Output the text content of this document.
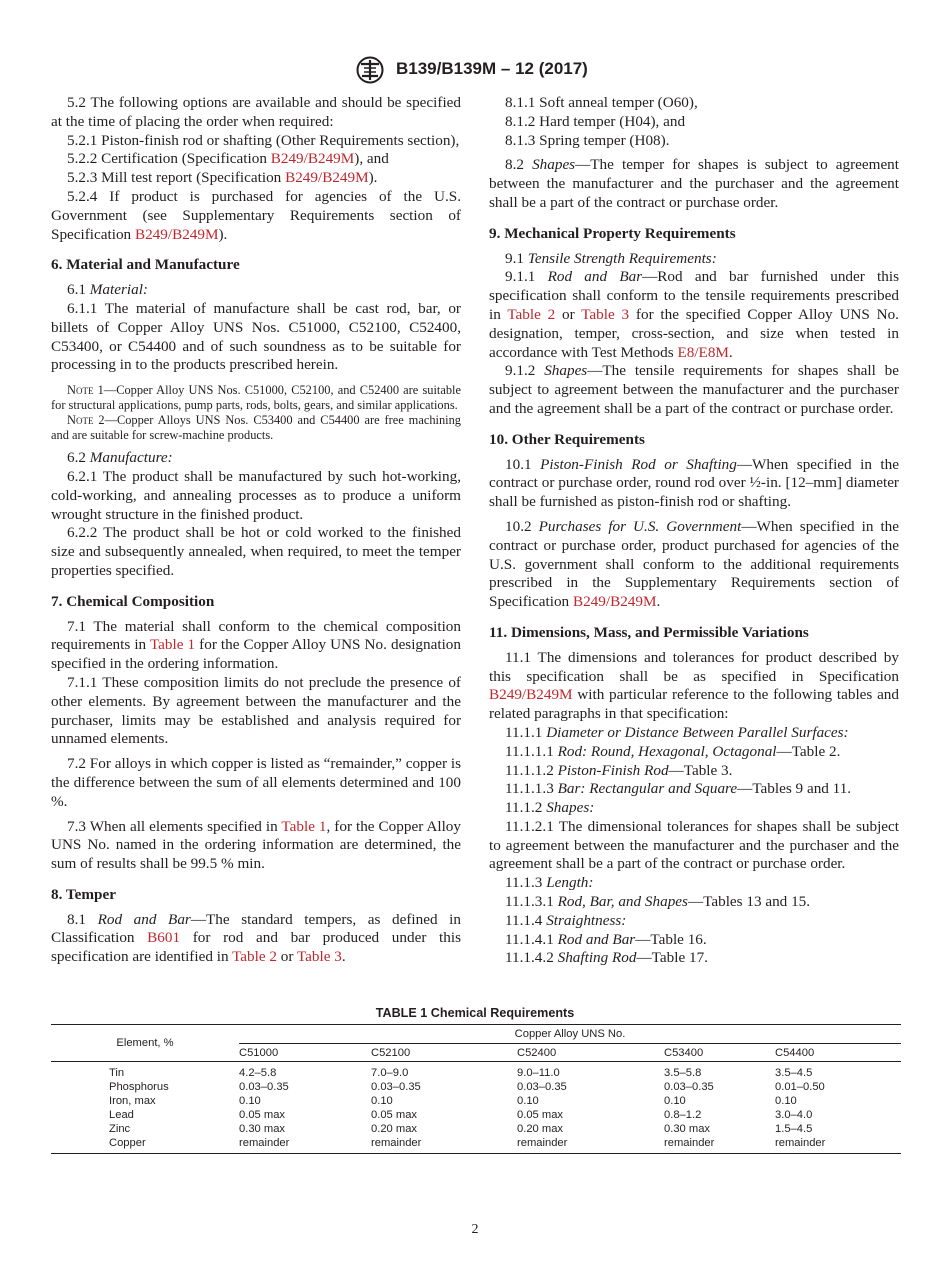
B139/B139M – 12 (2017)

5.2 The following options are available and should be specified at the time of placing the order when required:

5.2.1 Piston-finish rod or shafting (Other Requirements section),

5.2.2 Certification (Specification B249/B249M), and

5.2.3 Mill test report (Specification B249/B249M).

5.2.4 If product is purchased for agencies of the U.S. Government (see Supplementary Requirements section of Specification B249/B249M).

6. Material and Manufacture

6.1 Material:

6.1.1 The material of manufacture shall be cast rod, bar, or billets of Copper Alloy UNS Nos. C51000, C52100, C52400, C53400, or C54400 and of such soundness as to be suitable for processing in to the products prescribed herein.

Note 1—Copper Alloy UNS Nos. C51000, C52100, and C52400 are suitable for structural applications, pump parts, rods, bolts, gears, and similar applications.

Note 2—Copper Alloys UNS Nos. C53400 and C54400 are free machining and are suitable for screw-machine products.

6.2 Manufacture:

6.2.1 The product shall be manufactured by such hot-working, cold-working, and annealing processes as to produce a uniform wrought structure in the finished product.

6.2.2 The product shall be hot or cold worked to the finished size and subsequently annealed, when required, to meet the temper properties specified.

7. Chemical Composition

7.1 The material shall conform to the chemical composition requirements in Table 1 for the Copper Alloy UNS No. designation specified in the ordering information.

7.1.1 These composition limits do not preclude the presence of other elements. By agreement between the manufacturer and the purchaser, limits may be established and analysis required for unnamed elements.

7.2 For alloys in which copper is listed as “remainder,” copper is the difference between the sum of all elements determined and 100 %.

7.3 When all elements specified in Table 1, for the Copper Alloy UNS No. named in the ordering information are determined, the sum of results shall be 99.5 % min.

8. Temper

8.1 Rod and Bar—The standard tempers, as defined in Classification B601 for rod and bar produced under this specification are identified in Table 2 or Table 3.

8.1.1 Soft anneal temper (O60),

8.1.2 Hard temper (H04), and

8.1.3 Spring temper (H08).

8.2 Shapes—The temper for shapes is subject to agreement between the manufacturer and the purchaser and the agreement shall be a part of the contract or purchase order.

9. Mechanical Property Requirements

9.1 Tensile Strength Requirements:

9.1.1 Rod and Bar—Rod and bar furnished under this specification shall conform to the tensile requirements prescribed in Table 2 or Table 3 for the specified Copper Alloy UNS No. designation, temper, cross-section, and size when tested in accordance with Test Methods E8/E8M.

9.1.2 Shapes—The tensile requirements for shapes shall be subject to agreement between the manufacturer and the purchaser and the agreement shall be a part of the contract or purchase order.

10. Other Requirements

10.1 Piston-Finish Rod or Shafting—When specified in the contract or purchase order, round rod over ½-in. [12–mm] diameter shall be furnished as piston-finish rod or shafting.

10.2 Purchases for U.S. Government—When specified in the contract or purchase order, product purchased for agencies of the U.S. government shall conform to the additional requirements prescribed in the Supplementary Requirements section of Specification B249/B249M.

11. Dimensions, Mass, and Permissible Variations

11.1 The dimensions and tolerances for product described by this specification shall be as specified in Specification B249/B249M with particular reference to the following tables and related paragraphs in that specification:

11.1.1 Diameter or Distance Between Parallel Surfaces:

11.1.1.1 Rod: Round, Hexagonal, Octagonal—Table 2.

11.1.1.2 Piston-Finish Rod—Table 3.

11.1.1.3 Bar: Rectangular and Square—Tables 9 and 11.

11.1.2 Shapes:

11.1.2.1 The dimensional tolerances for shapes shall be subject to agreement between the manufacturer and the purchaser and the agreement shall be a part of the contract or purchase order.

11.1.3 Length:

11.1.3.1 Rod, Bar, and Shapes—Tables 13 and 15.

11.1.4 Straightness:

11.1.4.1 Rod and Bar—Table 16.

11.1.4.2 Shafting Rod—Table 17.

TABLE 1 Chemical Requirements
Element, %	Copper Alloy UNS No.				
	C51000	C52100	C52400	C53400	C54400

Tin	4.2–5.8	7.0–9.0	9.0–11.0	3.5–5.8	3.5–4.5
Phosphorus	0.03–0.35	0.03–0.35	0.03–0.35	0.03–0.35	0.01–0.50
Iron, max	0.10	0.10	0.10	0.10	0.10
Lead	0.05 max	0.05 max	0.05 max	0.8–1.2	3.0–4.0
Zinc	0.30 max	0.20 max	0.20 max	0.30 max	1.5–4.5
Copper	remainder	remainder	remainder	remainder	remainder
2
